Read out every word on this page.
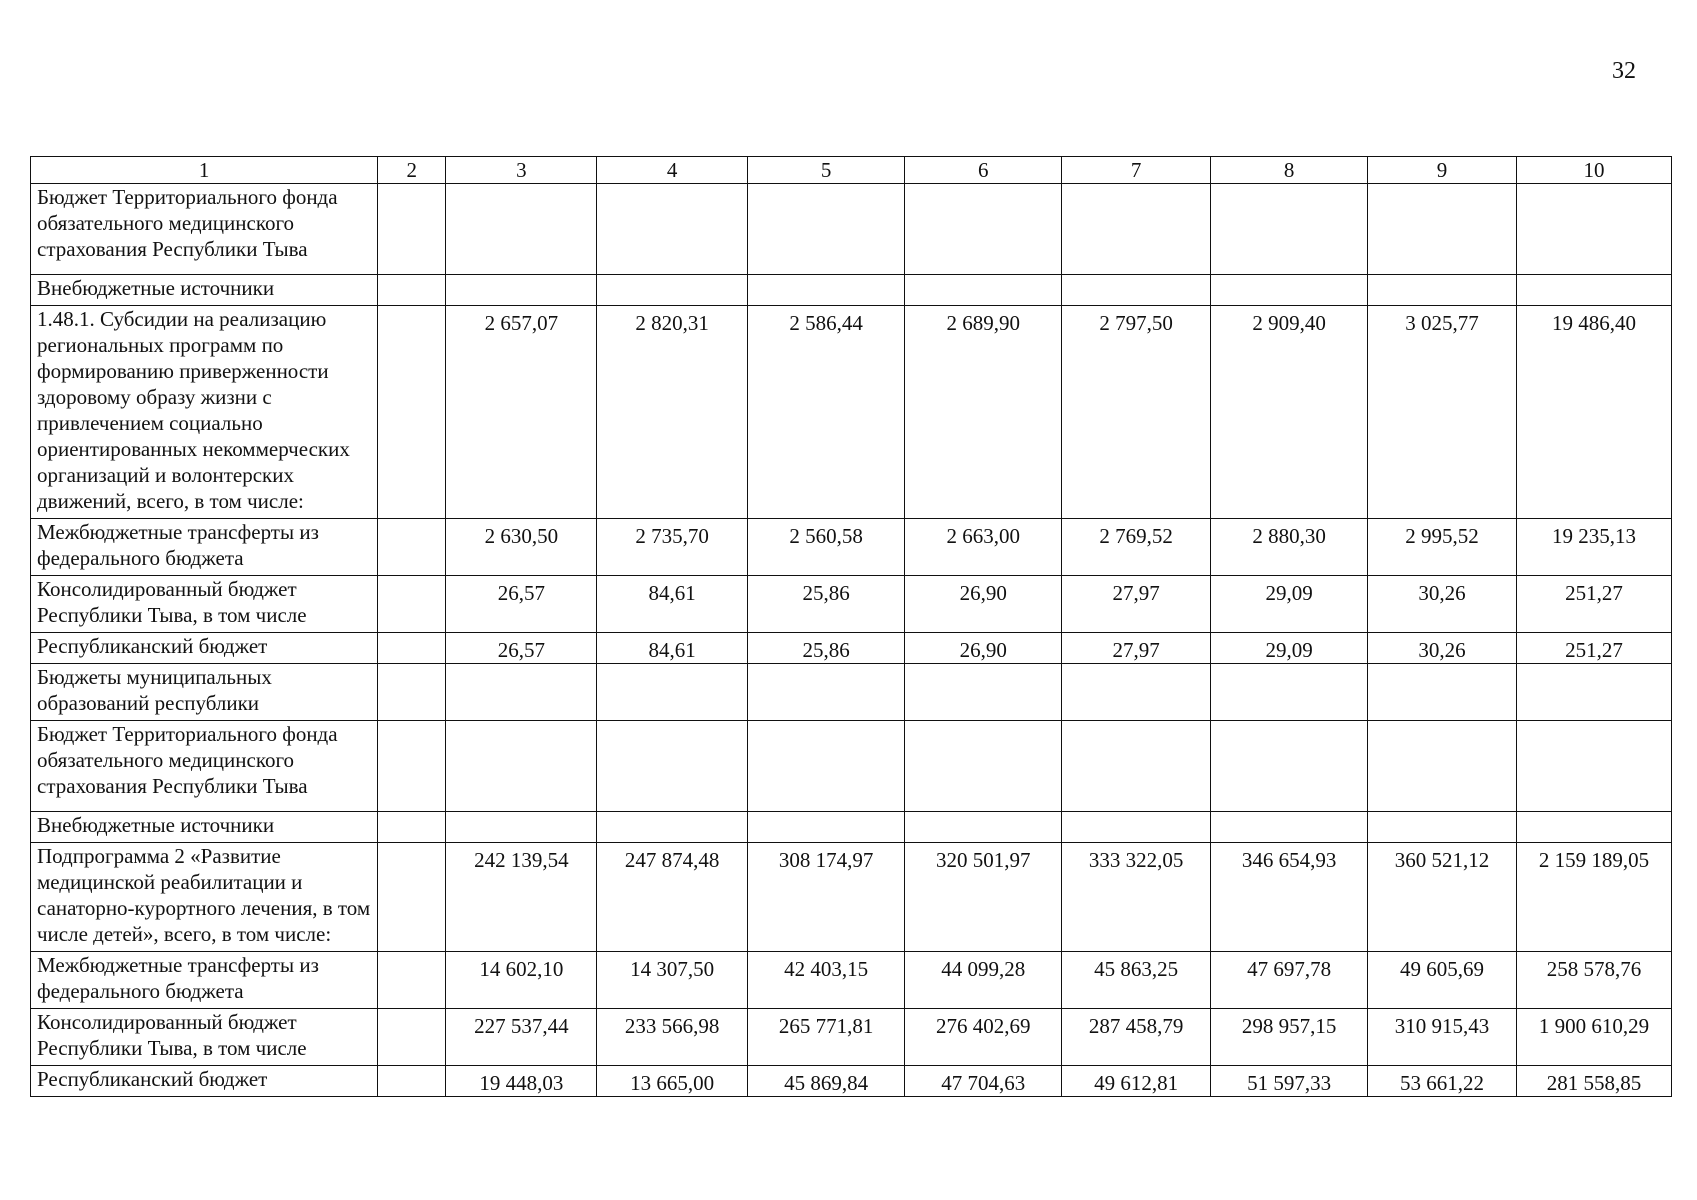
32
1	2	3	4	5	6	7	8	9	10
Бюджет Территориального фонда обязательного медицинского страхования Республики Тыва									
Внебюджетные источники									
1.48.1. Субсидии на реализацию региональных программ по формированию приверженности здоровому образу жизни с привлечением социально ориентированных некоммерческих организаций и волонтерских движений, всего, в том числе:		2 657,07	2 820,31	2 586,44	2 689,90	2 797,50	2 909,40	3 025,77	19 486,40
Межбюджетные трансферты из федерального бюджета		2 630,50	2 735,70	2 560,58	2 663,00	2 769,52	2 880,30	2 995,52	19 235,13
Консолидированный бюджет Республики Тыва, в том числе		26,57	84,61	25,86	26,90	27,97	29,09	30,26	251,27
Республиканский бюджет		26,57	84,61	25,86	26,90	27,97	29,09	30,26	251,27
Бюджеты муниципальных образований республики									
Бюджет Территориального фонда обязательного медицинского страхования Республики Тыва									
Внебюджетные источники									
Подпрограмма 2 «Развитие медицинской реабилитации и санаторно-курортного лечения, в том числе детей», всего, в том числе:		242 139,54	247 874,48	308 174,97	320 501,97	333 322,05	346 654,93	360 521,12	2 159 189,05
Межбюджетные трансферты из федерального бюджета		14 602,10	14 307,50	42 403,15	44 099,28	45 863,25	47 697,78	49 605,69	258 578,76
Консолидированный бюджет Республики Тыва, в том числе		227 537,44	233 566,98	265 771,81	276 402,69	287 458,79	298 957,15	310 915,43	1 900 610,29
Республиканский бюджет		19 448,03	13 665,00	45 869,84	47 704,63	49 612,81	51 597,33	53 661,22	281 558,85
